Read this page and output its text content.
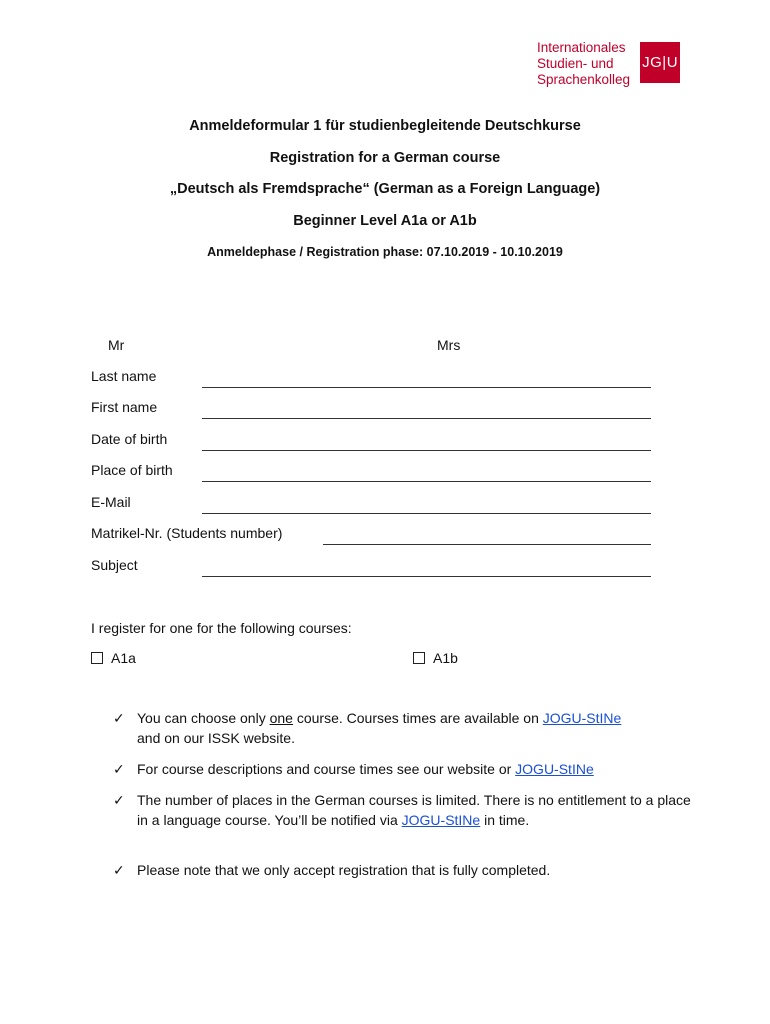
Internationales
Studien- und
Sprachenkolleg
JG|U
Anmeldeformular 1 für studienbegleitende Deutschkurse
Registration for a German course
„Deutsch als Fremdsprache“ (German as a Foreign Language)
Beginner Level A1a or A1b
Anmeldephase / Registration phase: 07.10.2019 - 10.10.2019
Mr	Mrs
Last name
First name
Date of birth
Place of birth
E-Mail
Matrikel-Nr. (Students number)
Subject
I register for one for the following courses:
A1a	A1b
✓ You can choose only one course. Courses times are available on JOGU-StINe
and on our ISSK website.
✓ For course descriptions and course times see our website or JOGU-StINe
✓ The number of places in the German courses is limited. There is no entitlement to a place in a language course. You’ll be notified via JOGU-StINe in time.
✓ Please note that we only accept registration that is fully completed.
